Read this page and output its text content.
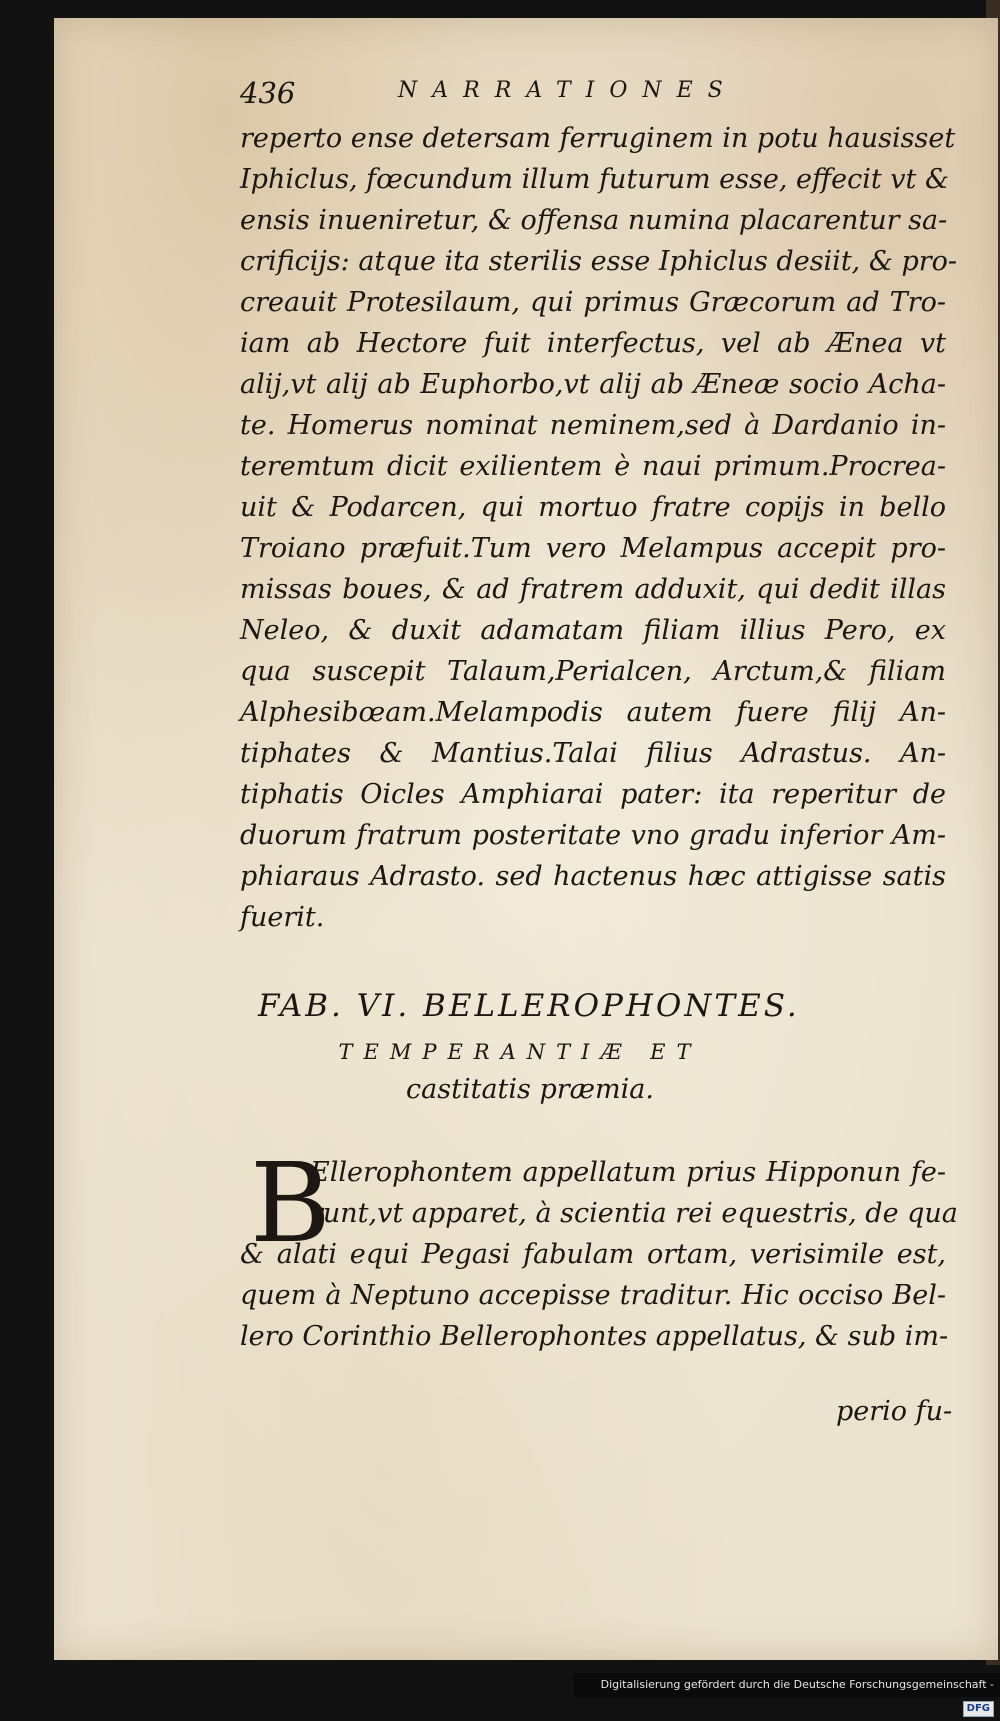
436	NARRATIONES
reperto ense detersam ferruginem in potu hausisset
Iphiclus, fœcundum illum futurum esse, effecit vt &
ensis inueniretur, & offensa numina placarentur sa-
crificijs: atque ita sterilis esse Iphiclus desiit, & pro-
creauit Protesilaum, qui primus Græcorum ad Tro-
iam ab Hectore fuit interfectus, vel ab Ænea vt
alij,vt alij ab Euphorbo,vt alij ab Æneæ socio Acha-
te. Homerus nominat neminem,sed à Dardanio in-
teremtum dicit exilientem è naui primum.Procrea-
uit & Podarcen, qui mortuo fratre copijs in bello
Troiano præfuit.Tum vero Melampus accepit pro-
missas boues, & ad fratrem adduxit, qui dedit illas
Neleo, & duxit adamatam filiam illius Pero, ex
qua suscepit Talaum,Perialcen, Arctum,& filiam
Alphesibœam.Melampodis autem fuere filij An-
tiphates & Mantius.Talai filius Adrastus. An-
tiphatis Oicles Amphiarai pater: ita reperitur de
duorum fratrum posteritate vno gradu inferior Am-
phiaraus Adrasto. sed hactenus hæc attigisse satis
fuerit.
FAB. VI. BELLEROPHONTES.
TEMPERANTIÆ ET
castitatis præmia.
B
Ellerophontem appellatum prius Hipponun fe-
runt,vt apparet, à scientia rei equestris, de qua
& alati equi Pegasi fabulam ortam, verisimile est,
quem à Neptuno accepisse traditur. Hic occiso Bel-
lero Corinthio Bellerophontes appellatus, & sub im-
perio fu-
Digitalisierung gefördert durch die Deutsche Forschungsgemeinschaft -
